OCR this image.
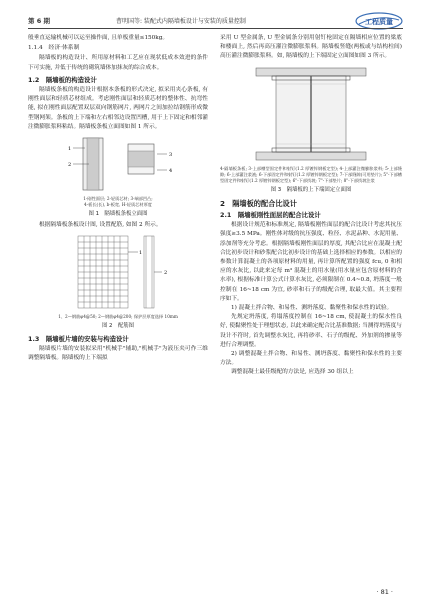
第 6 期	曹明国等: 装配式内隔墙板设计与安装的质量控制	工程质量

般垂直运输机械可以运至操作面, 且单板重量≤150kg。

1.1.4　经济·体系制

隔墙板的构造设计、所用原材料和工艺应在现状低成本效进的条件下可实施, 并低于传统的砌筑墙体加抹灰的综合成本。

1.2　隔墙板的构造设计

隔墙板条板的构造设计根据本条板的形式决定, 拟采用夹心条板, 有刚性面层和轻质芯材组成。考虑刚性面层和轻质芯材的整体性、抗弯性能, 拟在刚性面层配置双层双向钢筋网片, 两网片之间加拉结钢筋形成微型钢网架。条板的上下端和左右相邻边设置凹槽, 用于上下固定和相邻灌注微膨胀浆料粘结。隔墙板条板立面图如图 1 所示。

1
2
3
4
1-刚性面层; 2-轻质芯材; 3-端部凹凸;
4-板长(长), b-板宽, H-轻质芯材厚度
图 1　隔墙板条板立面图

根据隔墙板条板设计图, 设置配筋, 如图 2 所示。

1
2
1、2—钢筋φ4@50; 2—钢筋φ4@200; 保护层厚度选择 10mm
图 2　配筋图
1.3　隔墙板片墙的安装与构造设计

隔墙板片墙的安装拟采用"机械手"辅助,"机械手"为液压夹可作三维调整隔墙板。隔墙板的上下端拟

采用 U 型金属条, U 型金属条分别用射钉枪固定在隔墙相应位置的梁底和楼面上, 然后再高压灌注微膨胀浆料。隔墙板竖缝(两板或与结构柱间)高压灌注微膨胀浆料。如, 隔墙板的上下端固定立面图如图 3 所示。

4-隔墙板条板; 3-上部槽型固定件和射钉(1.2 厚镀锌钢板定型); 4-上部灌注微膨胀浆料; 5-上部缝隙; 6-上部灌注浆液; 6-下部固定件和射钉(1.2 厚镀锌钢板定型); 7-下部缝隙(可用垫片); 5"-下部槽型固定件和射钉(1.2 厚镀锌钢板定型); 6"-下部找坡; 7"-下部垫片; 8"-下部找坡注浆
图 3　隔墙板的上下端固定立面图
2　隔墙板的配合比设计
2.1　隔墙板刚性面层的配合比设计

根据设计规范和标准规定, 隔墙板刚性面层的配合比设计考虑其抗压强度≥3.5 MPa。刚性体对级的抗压强度、粒径、水泥品种、水泥用量、添加剂等充分考虑。根据隔墙板刚性面层的厚度, 其配合比应在混凝土配合比初步设计和砂浆配合比初步设计的基础上选择相应的参数。以相应的参数计算混凝土的各项原材料的用量, 再计算所配置的强度 fcu, 0 和相应的水灰比, 以此来定每 m³ 混凝土的用水量(用水量应包含原材料的含水率), 根据标准计算公式计算水灰比, 必须限制在 0.4~0.8, 坍落度一般控制在 16~18 cm 为宜, 砂率和石子的级配合理, 取最大值。其主要程序如下。

1) 混凝土拌合物、和易性、测坍落度、黏聚性和保水性的试验。

先规定坍落度, 将塌落度控制在 16~18 cm, 使混凝土的保水性良好, 使黏聚性处于理想状态, 以此来确定配合比基准数据; 当测得坍落度与设计不符时, 首先调整水灰比, 再将砂率、石子的级配、外加剂的掺量等进行合理调整。

2) 调整混凝土拌合物、和易性、测坍落度、黏聚性和保水性的主要方法。

调整混凝土最佳级配的方法是, 应选择 30 组以上

· 81 ·
